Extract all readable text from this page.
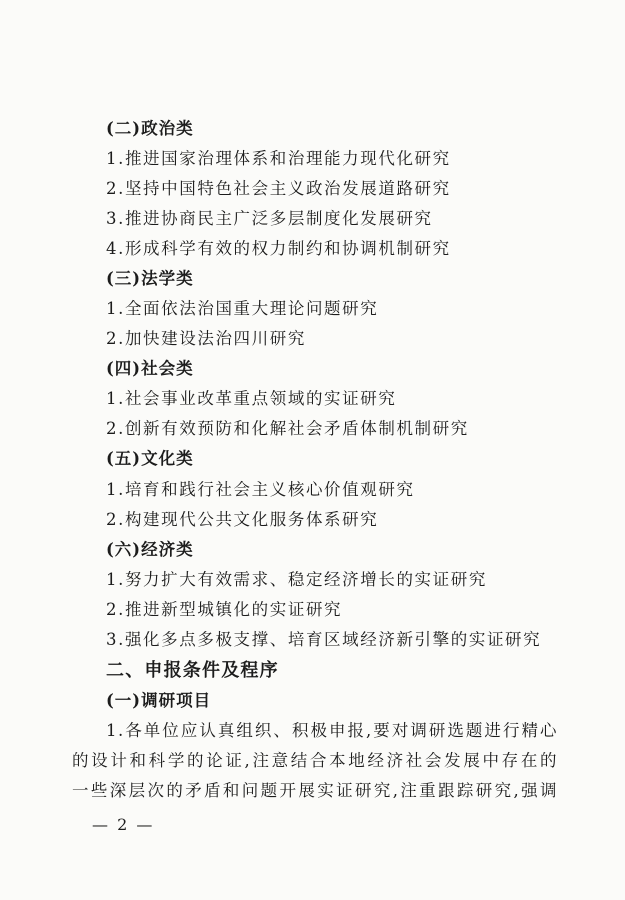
(二)政治类
1.推进国家治理体系和治理能力现代化研究
2.坚持中国特色社会主义政治发展道路研究
3.推进协商民主广泛多层制度化发展研究
4.形成科学有效的权力制约和协调机制研究
(三)法学类
1.全面依法治国重大理论问题研究
2.加快建设法治四川研究
(四)社会类
1.社会事业改革重点领域的实证研究
2.创新有效预防和化解社会矛盾体制机制研究
(五)文化类
1.培育和践行社会主义核心价值观研究
2.构建现代公共文化服务体系研究
(六)经济类
1.努力扩大有效需求、稳定经济增长的实证研究
2.推进新型城镇化的实证研究
3.强化多点多极支撑、培育区域经济新引擎的实证研究
二、申报条件及程序
(一)调研项目
1.各单位应认真组织、积极申报,要对调研选题进行精心
的设计和科学的论证,注意结合本地经济社会发展中存在的
一些深层次的矛盾和问题开展实证研究,注重跟踪研究,强调
— 2 —
